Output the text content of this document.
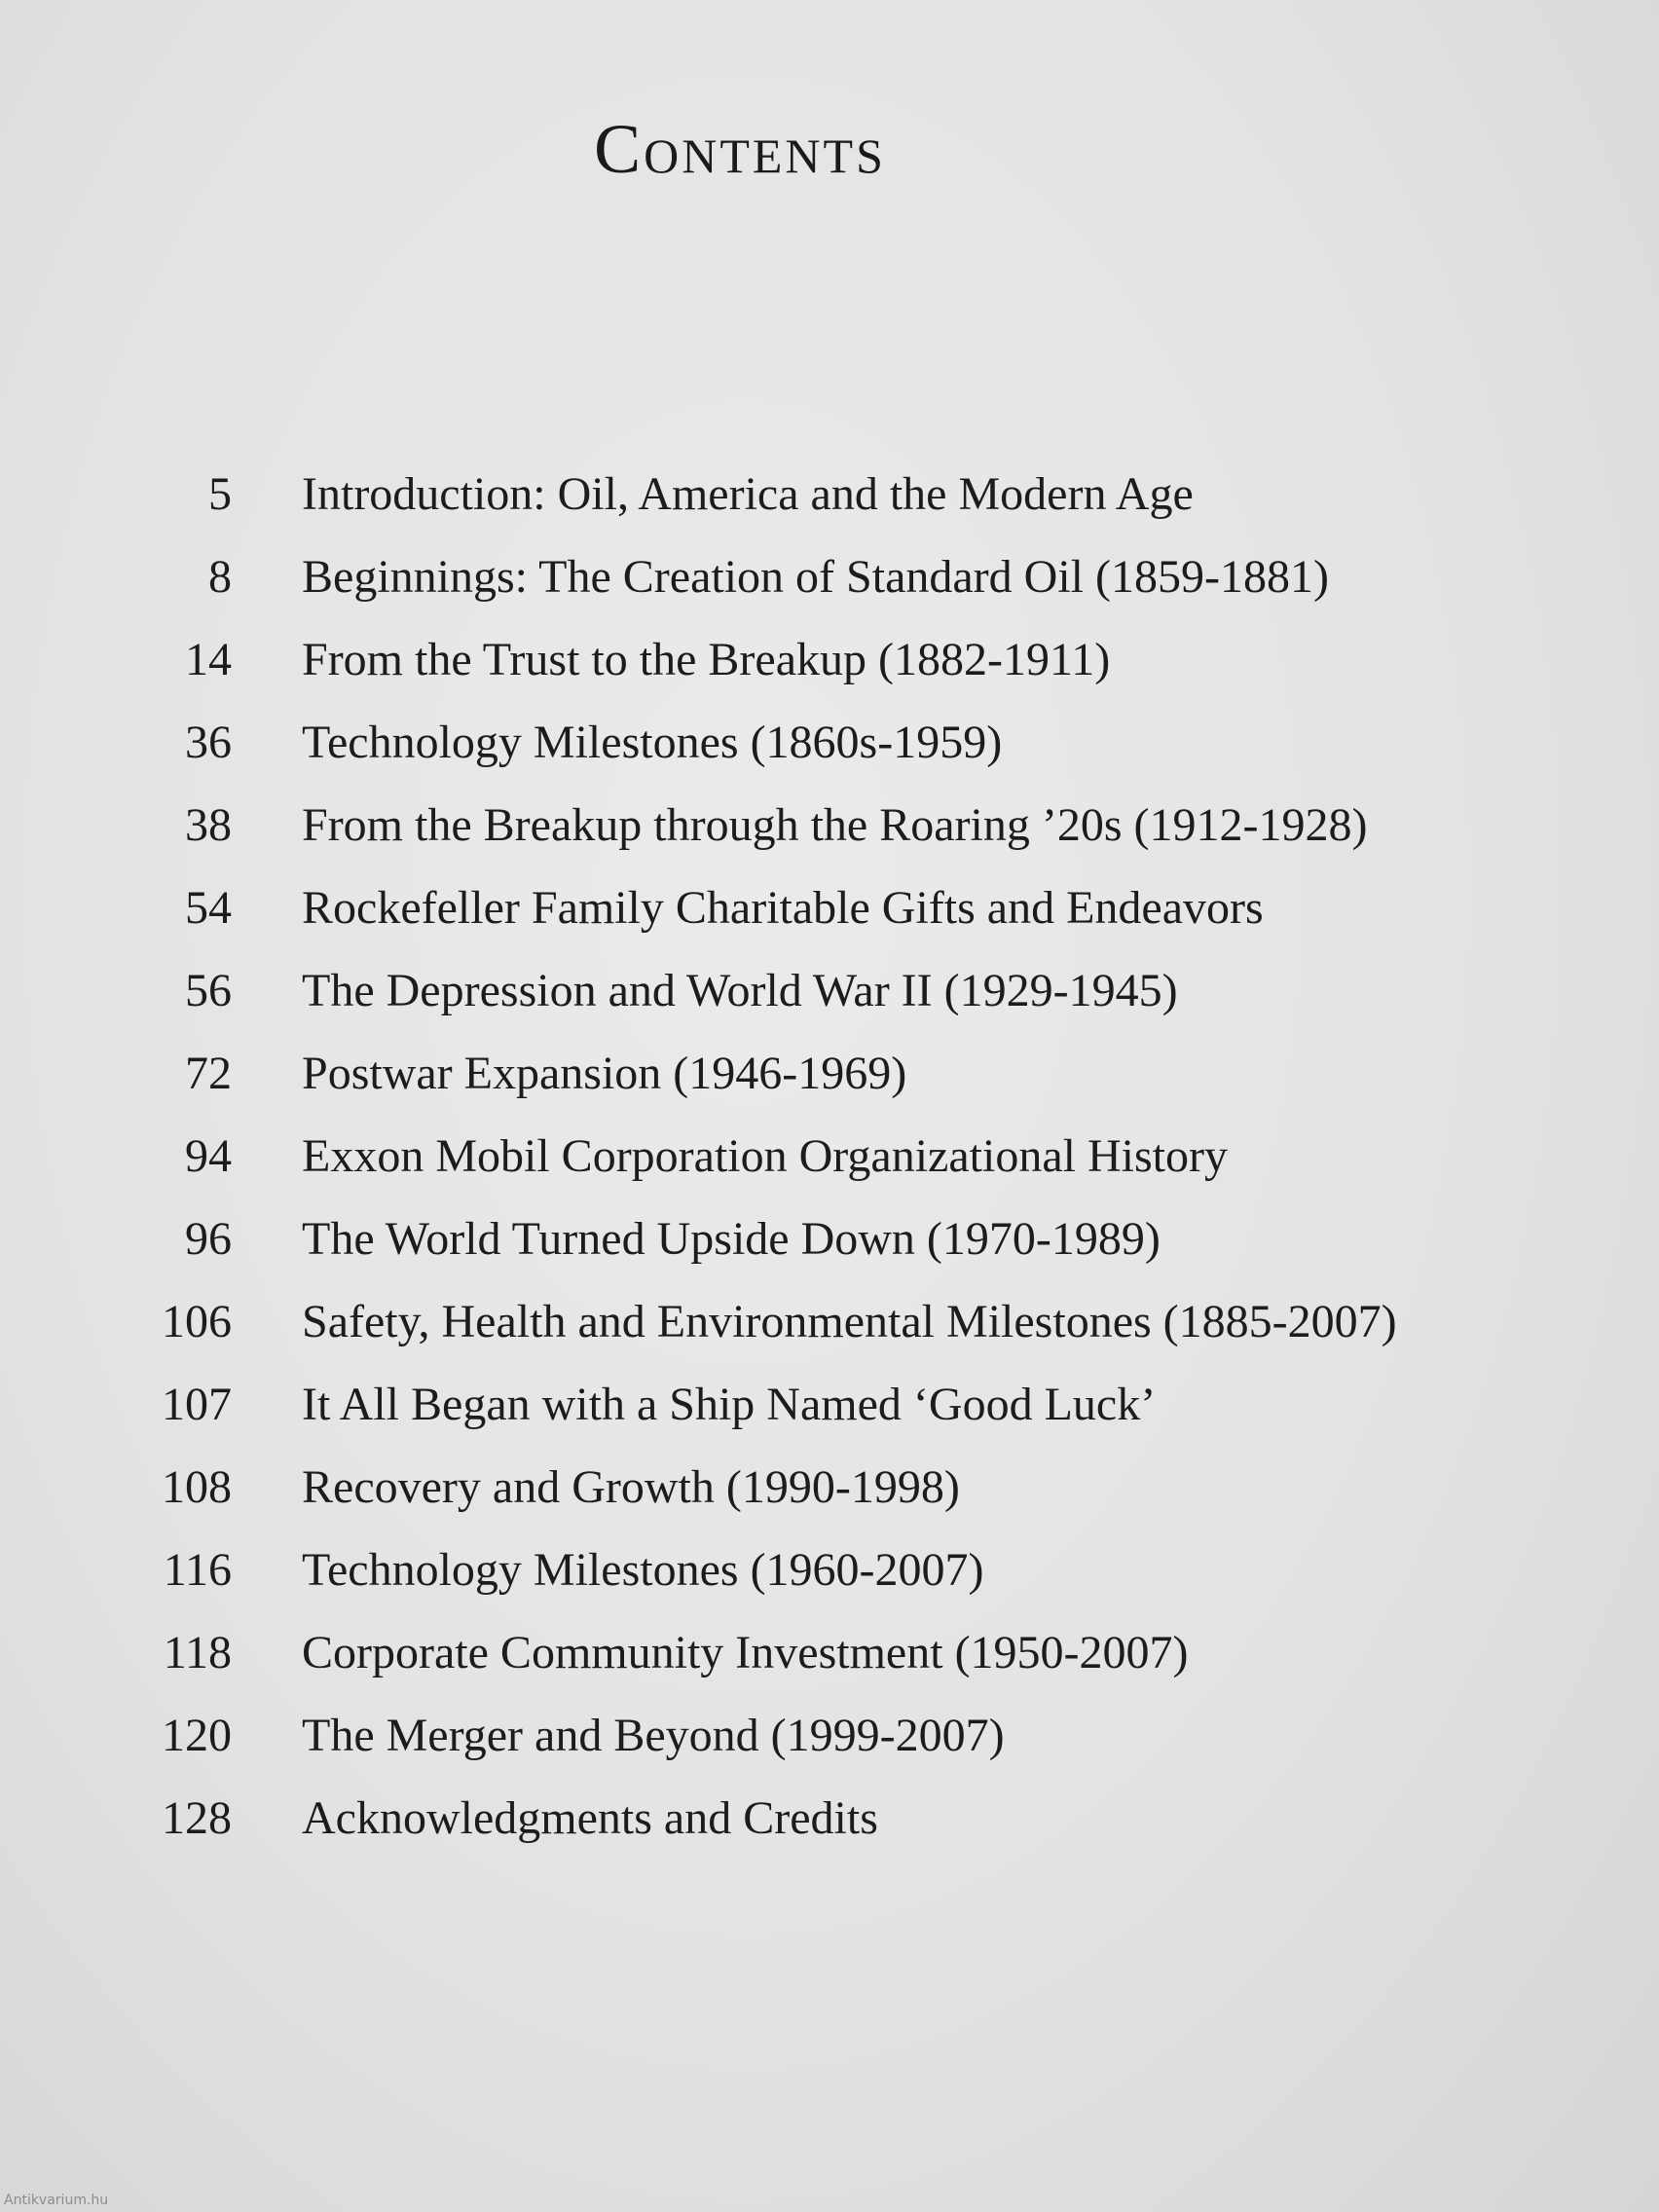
Contents
5 Introduction: Oil, America and the Modern Age
8 Beginnings: The Creation of Standard Oil (1859-1881)
14 From the Trust to the Breakup (1882-1911)
36 Technology Milestones (1860s-1959)
38 From the Breakup through the Roaring ’20s (1912-1928)
54 Rockefeller Family Charitable Gifts and Endeavors
56 The Depression and World War II (1929-1945)
72 Postwar Expansion (1946-1969)
94 Exxon Mobil Corporation Organizational History
96 The World Turned Upside Down (1970-1989)
106 Safety, Health and Environmental Milestones (1885-2007)
107 It All Began with a Ship Named ‘Good Luck’
108 Recovery and Growth (1990-1998)
116 Technology Milestones (1960-2007)
118 Corporate Community Investment (1950-2007)
120 The Merger and Beyond (1999-2007)
128 Acknowledgments and Credits
Antikvarium.hu
